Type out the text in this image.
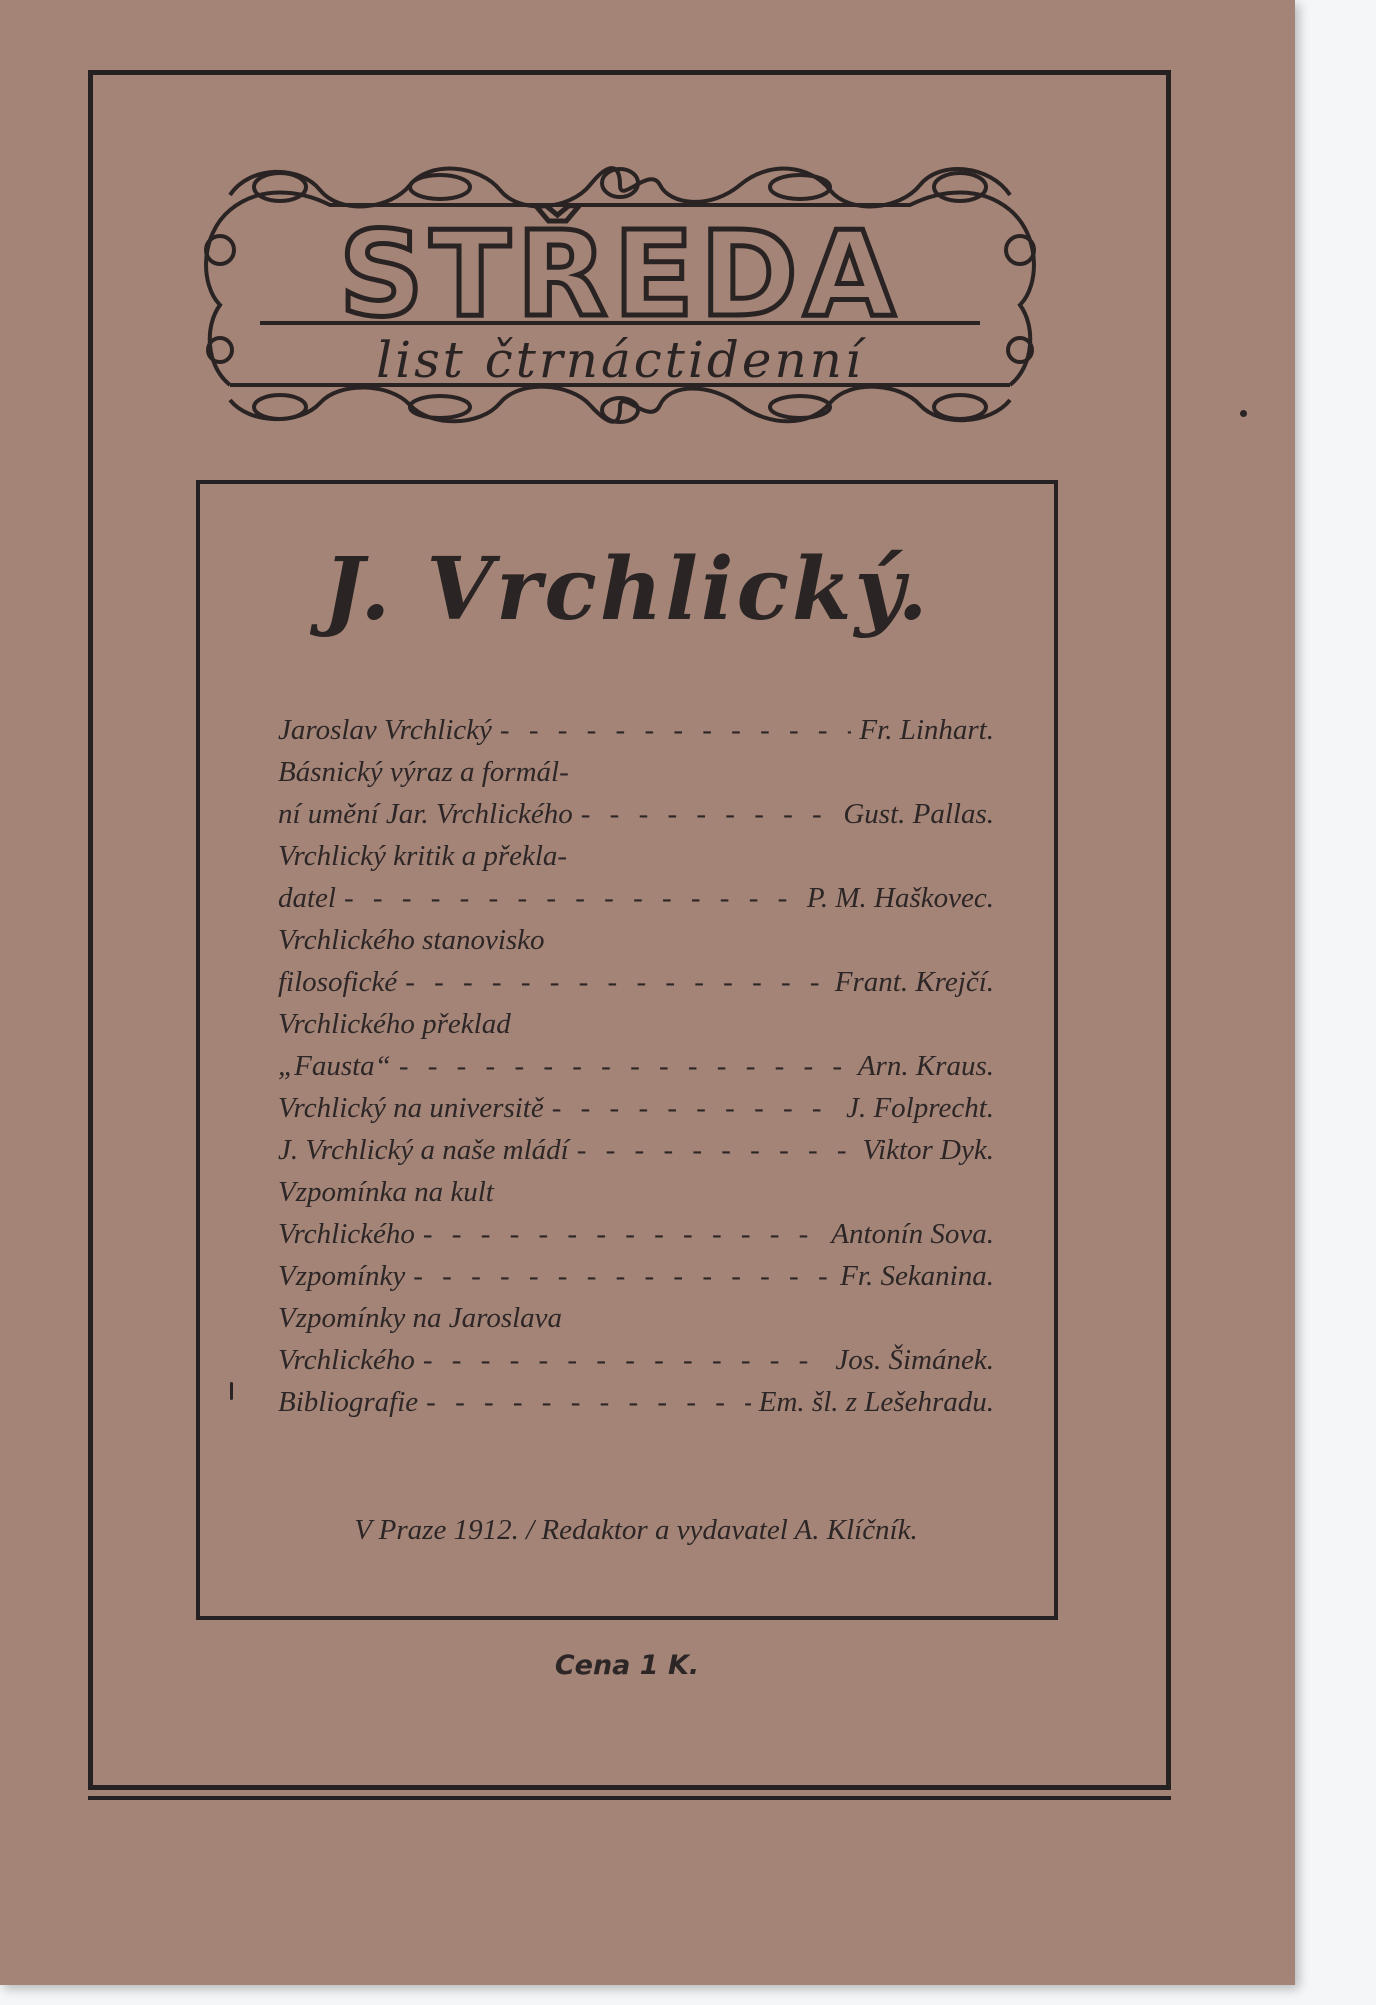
STŘEDA
list čtrnáctidenní
J. Vrchlický.
Jaroslav Vrchlický - - -	Fr. Linhart.
Básnický výraz a formál-
ní umění Jar. Vrchlického - - -	Gust. Pallas.
Vrchlický kritik a překla-
datel - - -	P. M. Haškovec.
Vrchlického stanovisko
filosofické - - -	Frant. Krejčí.
Vrchlického překlad
„Fausta“ - - -	Arn. Kraus.
Vrchlický na universitě - - -	J. Folprecht.
J. Vrchlický a naše mládí - - -	Viktor Dyk.
Vzpomínka na kult
Vrchlického - - -	Antonín Sova.
Vzpomínky - - -	Fr. Sekanina.
Vzpomínky na Jaroslava
Vrchlického - - -	Jos. Šimánek.
Bibliografie - - -	Em. šl. z Lešehradu.
V Praze 1912. / Redaktor a vydavatel A. Klíčník.
Cena 1 K.
